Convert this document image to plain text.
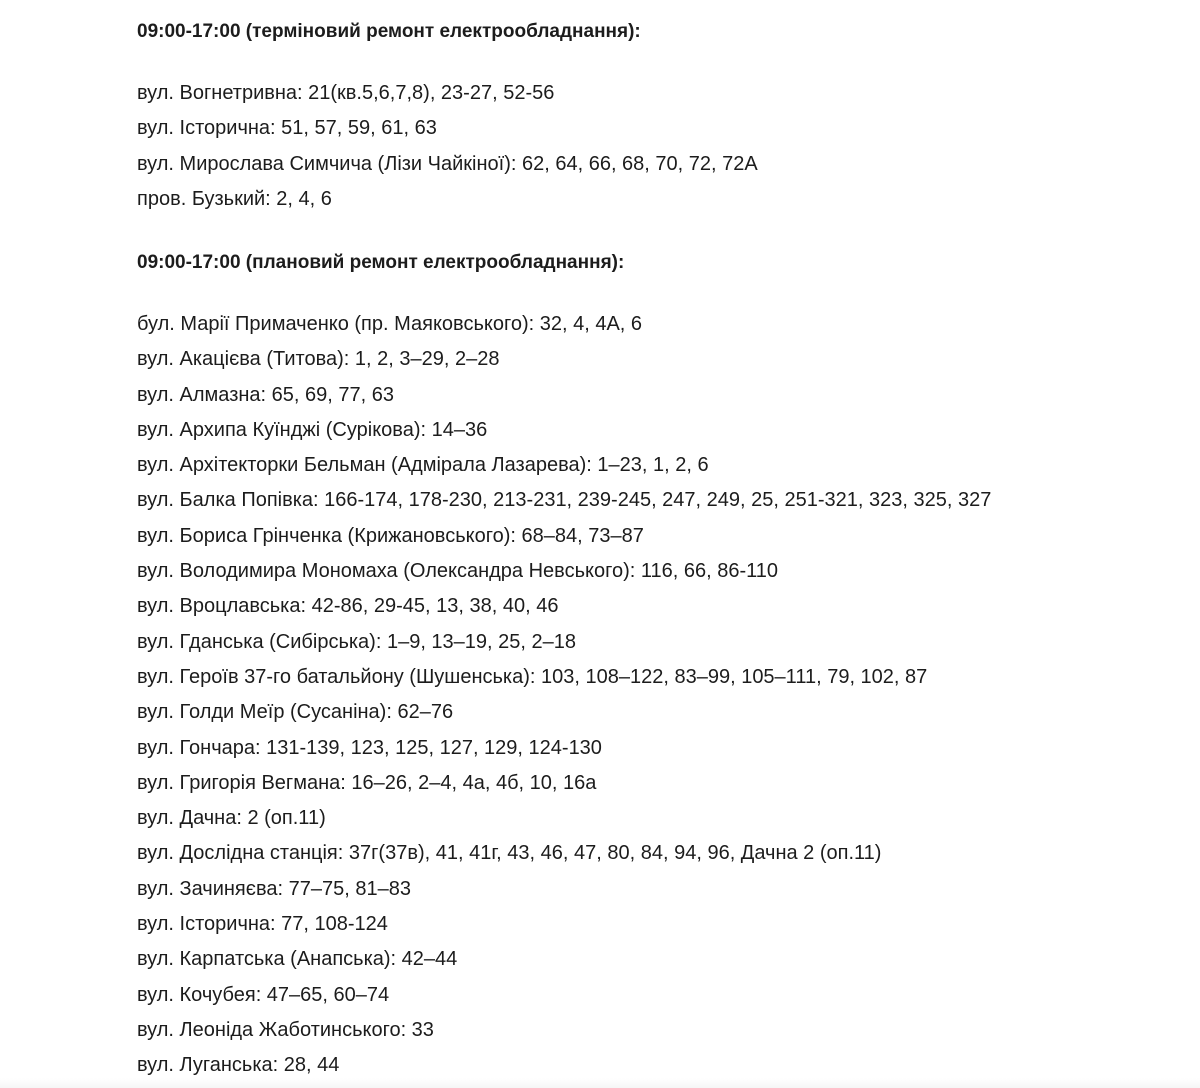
09:00-17:00 (терміновий ремонт електрообладнання):

вул. Вогнетривна: 21(кв.5,6,7,8), 23-27, 52-56
вул. Історична: 51, 57, 59, 61, 63
вул. Мирослава Симчича (Лізи Чайкіної): 62, 64, 66, 68, 70, 72, 72А
пров. Бузький: 2, 4, 6

09:00-17:00 (плановий ремонт електрообладнання):

бул. Марії Примаченко (пр. Маяковського): 32, 4, 4А, 6
вул. Акацієва (Титова): 1, 2, 3–29, 2–28
вул. Алмазна: 65, 69, 77, 63
вул. Архипа Куїнджі (Сурікова): 14–36
вул. Архітекторки Бельман (Адмірала Лазарева): 1–23, 1, 2, 6
вул. Балка Попівка: 166-174, 178-230, 213-231, 239-245, 247, 249, 25, 251-321, 323, 325, 327
вул. Бориса Грінченка (Крижановського): 68–84, 73–87
вул. Володимира Мономаха (Олександра Невського): 116, 66, 86-110
вул. Вроцлавська: 42-86, 29-45, 13, 38, 40, 46
вул. Гданська (Сибірська): 1–9, 13–19, 25, 2–18
вул. Героїв 37-го батальйону (Шушенська): 103, 108–122, 83–99, 105–111, 79, 102, 87
вул. Голди Меїр (Сусаніна): 62–76
вул. Гончара: 131-139, 123, 125, 127, 129, 124-130
вул. Григорія Вегмана: 16–26, 2–4, 4а, 4б, 10, 16а
вул. Дачна: 2 (оп.11)
вул. Дослідна станція: 37г(37в), 41, 41г, 43, 46, 47, 80, 84, 94, 96, Дачна 2 (оп.11)
вул. Зачиняєва: 77–75, 81–83
вул. Історична: 77, 108-124
вул. Карпатська (Анапська): 42–44
вул. Кочубея: 47–65, 60–74
вул. Леоніда Жаботинського: 33
вул. Луганська: 28, 44
